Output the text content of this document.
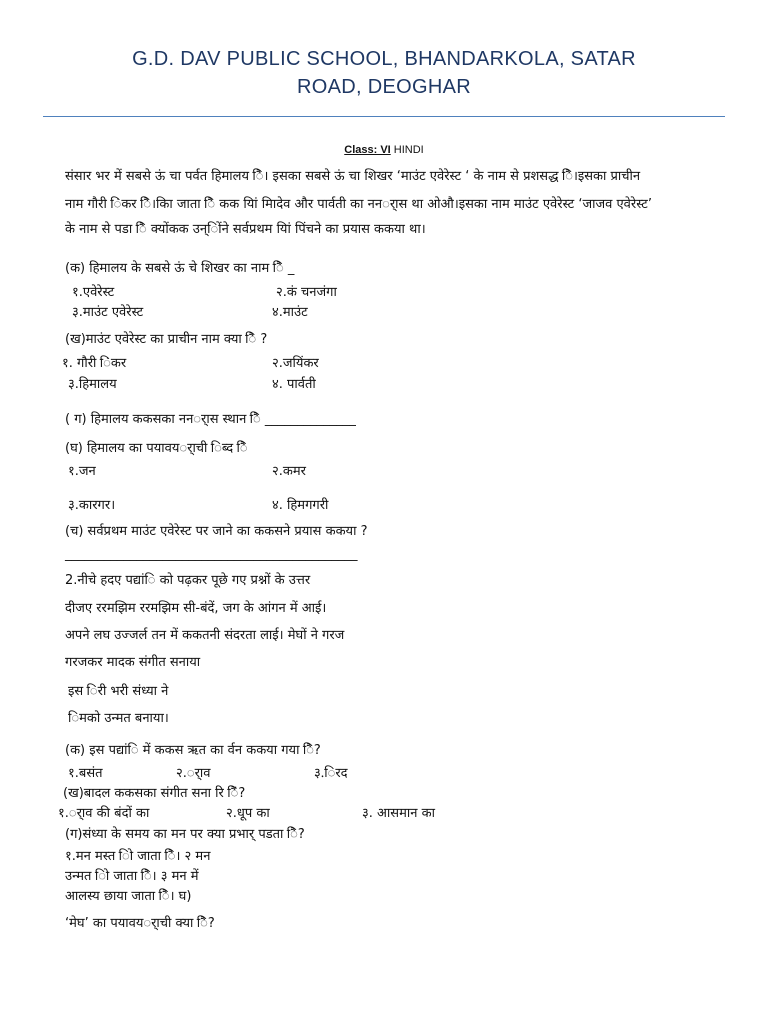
G.D. DAV PUBLIC SCHOOL, BHANDARKOLA, SATAR
ROAD, DEOGHAR
Class: VI HINDI
संसार भर में सबसे ऊं चा पर्वत हिमालय िै। इसका सबसे ऊं चा शिखर ‘माउंट एवेरेस्ट ‘ के नाम से प्रशसद्ध िै।इसका प्राचीन
नाम गौरी िंकर िै।किा जाता िै कक यिां मिादेव और पार्वती का ननर्ास था ओऔ।इसका नाम माउंट एवेरेस्ट ‘जाजव एवेरेस्ट’
के नाम से पडा िै क्योंकक उन्िोंने सर्वप्रथम यिां पिंचने का प्रयास ककया था।
(क) हिमालय के सबसे ऊं चे शिखर का नाम िै _
१.एवेरेस्ट	२.कं चनजंगा
३.माउंट एवेरेस्ट	४.माउंट
(ख)माउंट एवेरेस्ट का प्राचीन नाम क्या िै ?
१. गौरी िंकर	२.जयिंकर
३.हिमालय	४. पार्वती
( ग) हिमालय ककसका ननर्ास स्थान िै ______________
(घ) हिमालय का पयावयर्ाची िब्द िै
१.जन	२.कमर
३.कारगर।	४. हिमगगरी
(च) सर्वप्रथम माउंट एवेरेस्ट पर जाने का ककसने प्रयास ककया ?
_____________________________________________
2.नीचे हदए पद्यांि को पढ़कर पूछे गए प्रश्नों के उत्तर
दीजए ररमझिम ररमझिम सी-बंदें, जग के आंगन में आई।
अपने लघ उज्जर्ल तन में ककतनी संदरता लाई। मेघों ने गरज
गरजकर मादक संगीत सनाया
इस िरी भरी संध्या ने
िमको उन्मत बनाया।
(क) इस पद्यांि में ककस ऋत का र्वन ककया गया िै?
१.बसंत	२.र्ाव	३.िरद
(ख)बादल ककसका संगीत सना रि िैं?
१.र्ाव की बंदों का	२.धूप का	३. आसमान का
(ग)संध्या के समय का मन पर क्या प्रभार् पडता िै?
१.मन मस्त िो जाता िै। २ मन
उन्मत िो जाता िै। ३ मन में
आलस्य छाया जाता िै। घ)
‘मेघ’ का पयावयर्ाची क्या िै?
